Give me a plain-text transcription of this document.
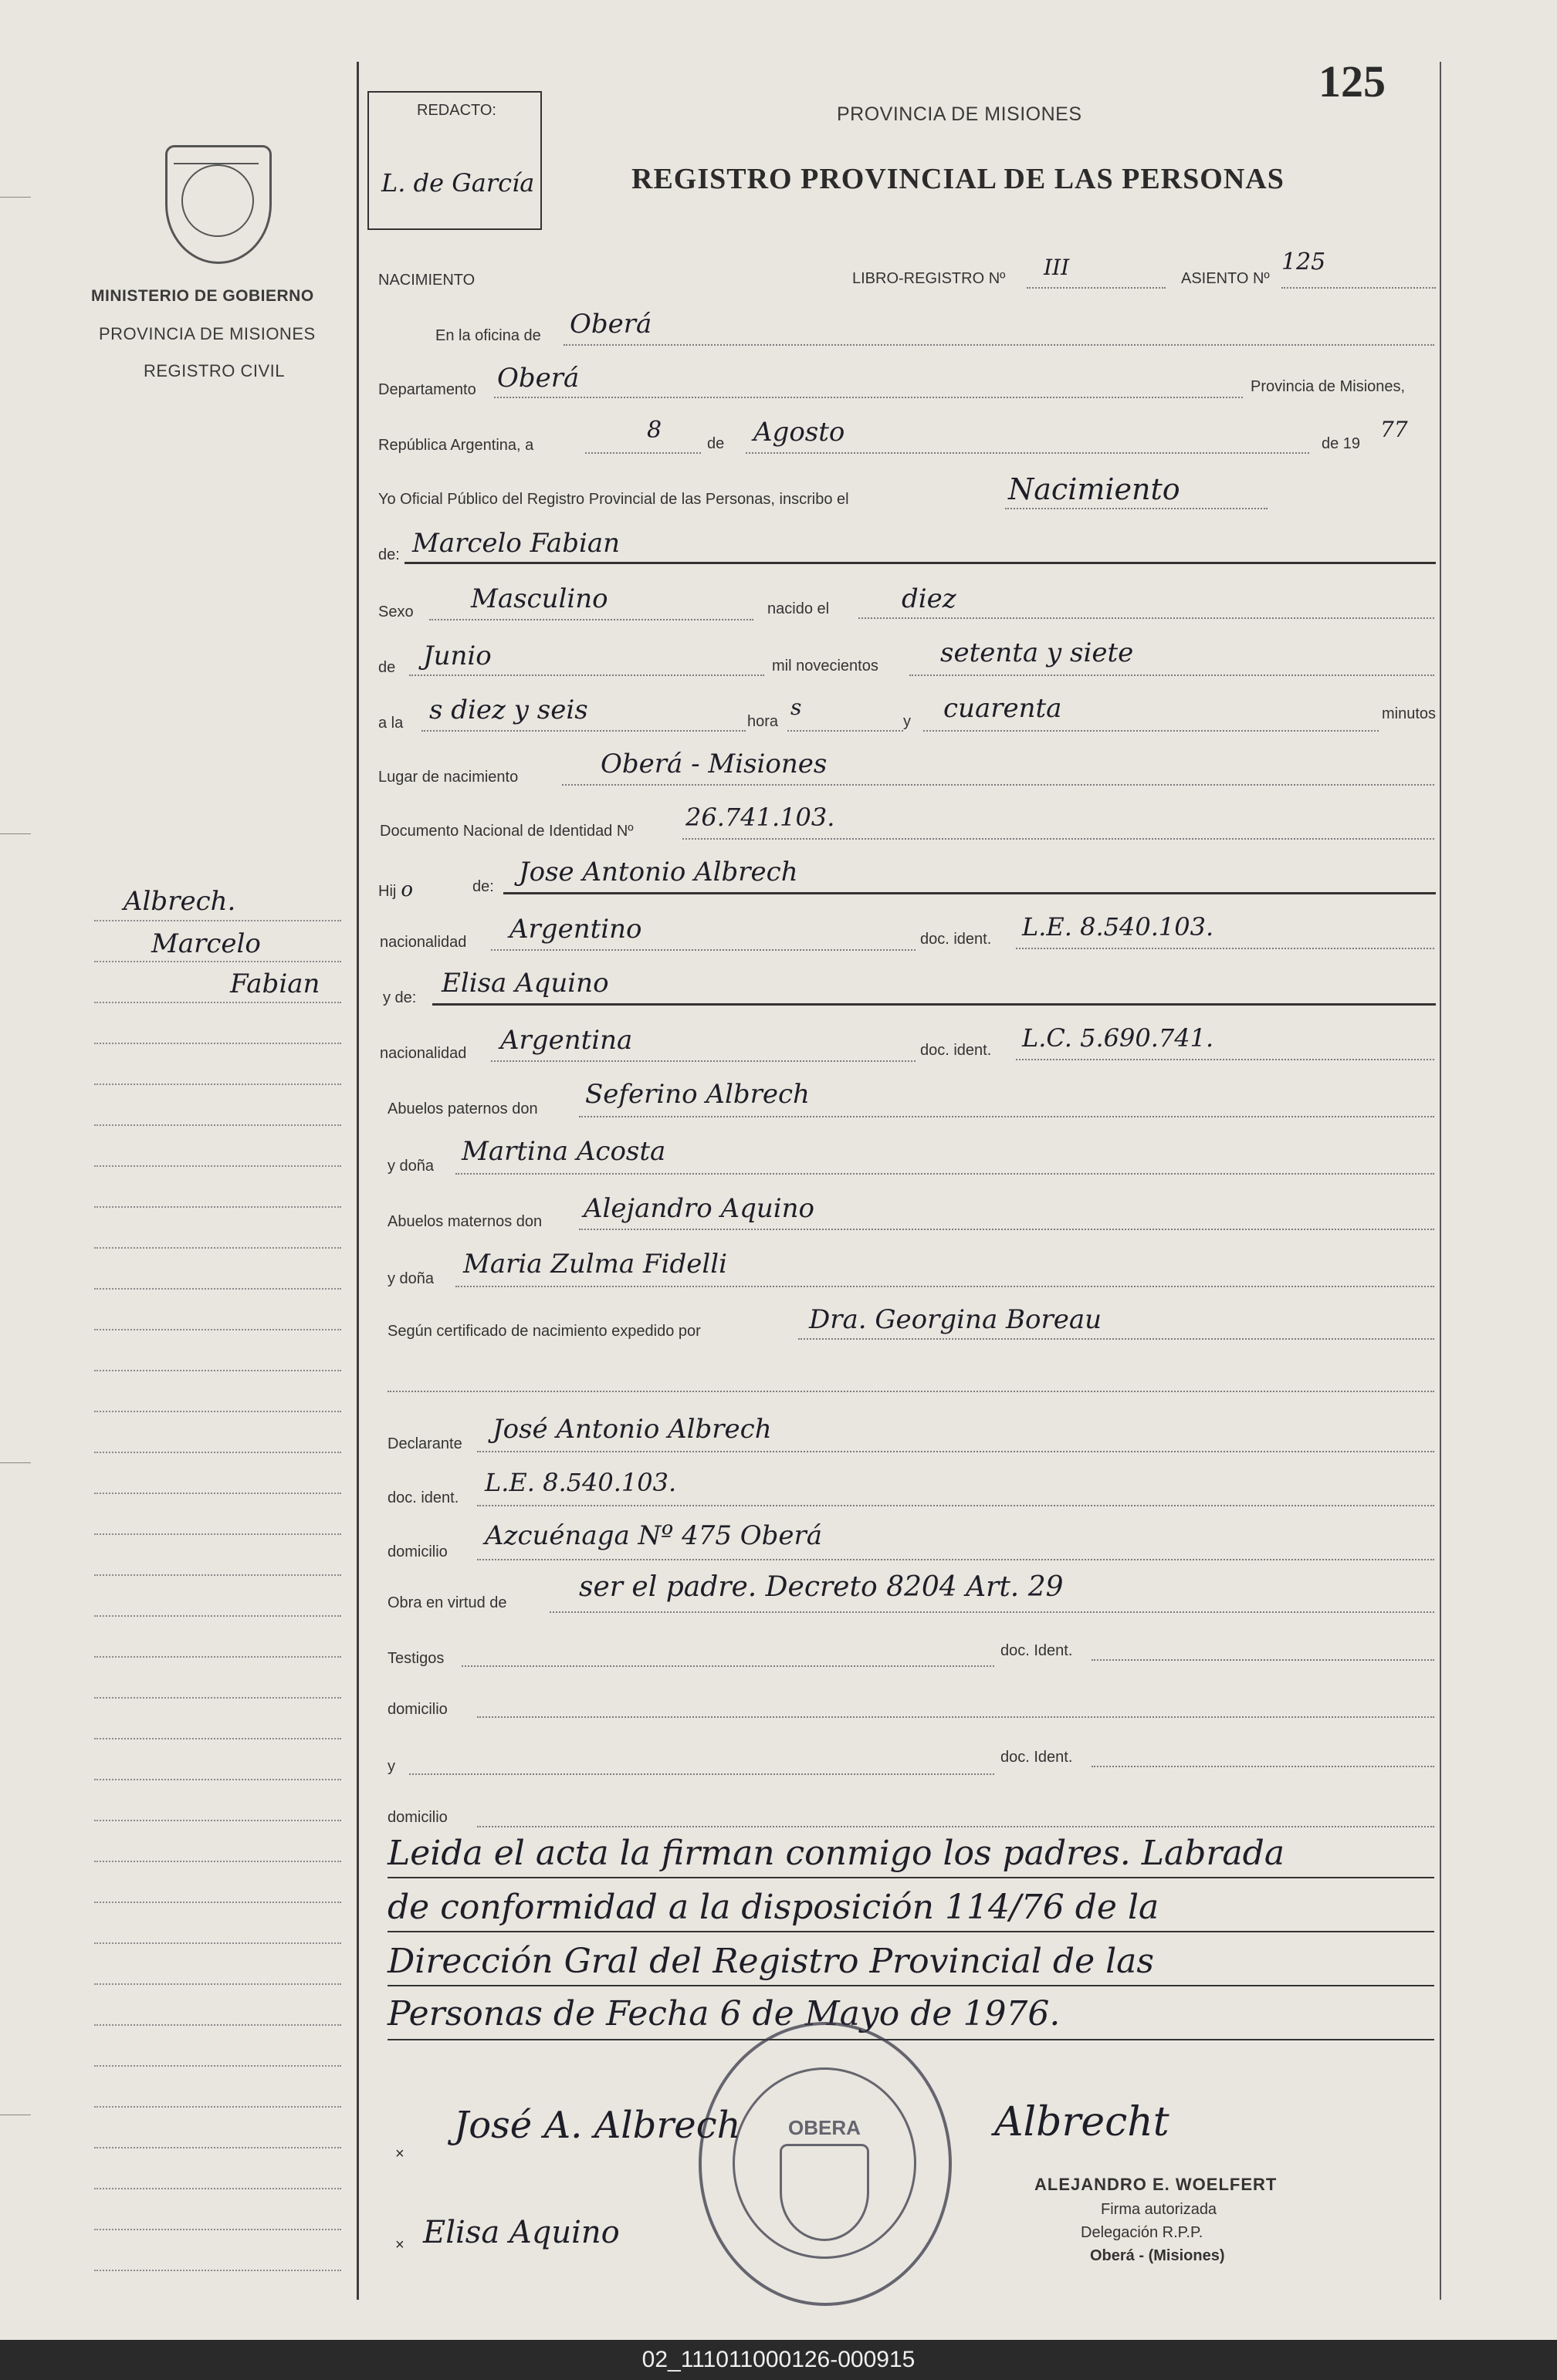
MINISTERIO DE GOBIERNO
PROVINCIA DE MISIONES
REGISTRO CIVIL
Albrech.
Marcelo
Fabian
REDACTO:
L. de García
125
PROVINCIA DE MISIONES
REGISTRO PROVINCIAL DE LAS PERSONAS
NACIMIENTO	LIBRO-REGISTRO Nº III	ASIENTO Nº
125
En la oficina de Oberá
Departamento Oberá	Provincia de Misiones,
República Argentina, a
8	de Agosto	de 19
77
Yo Oficial Público del Registro Provincial de las Personas, inscribo el	Nacimiento
de: Marcelo Fabian
Sexo Masculino	nacido el	diez
de Junio	mil novecientos setenta y siete
a la s diez y seis	hora
s
y cuarenta	minutos
Lugar de nacimiento	Oberá - Misiones
Documento Nacional de Identidad Nº 26.741.103.
Hij o	de: Jose Antonio Albrech
nacionalidad Argentino	doc. ident. L.E. 8.540.103.
y de: Elisa Aquino
nacionalidad Argentina	doc. ident. L.C. 5.690.741.
Abuelos paternos don Seferino Albrech
y doña Martina Acosta
Abuelos maternos don Alejandro Aquino
y doña Maria Zulma Fidelli
Según certificado de nacimiento expedido por	Dra. Georgina Boreau
Declarante José Antonio Albrech
doc. ident.
L.E. 8.540.103.
domicilio
Azcuénaga Nº 475 Oberá
Obra en virtud de	ser el padre. Decreto 8204 Art. 29
Testigos	doc. Ident.
domicilio
y
doc. Ident.
domicilio
Leida el acta la firman conmigo los padres. Labrada
de conformidad a la disposición 114/76 de la
Dirección Gral del Registro Provincial de las
Personas de Fecha 6 de Mayo de 1976.
OBERA
×
José A. Albrech
× Elisa Aquino
Albrecht
ALEJANDRO E. WOELFERT
Firma autorizada
Delegación R.P.P.
Oberá - (Misiones)
02_111011000126-000915
